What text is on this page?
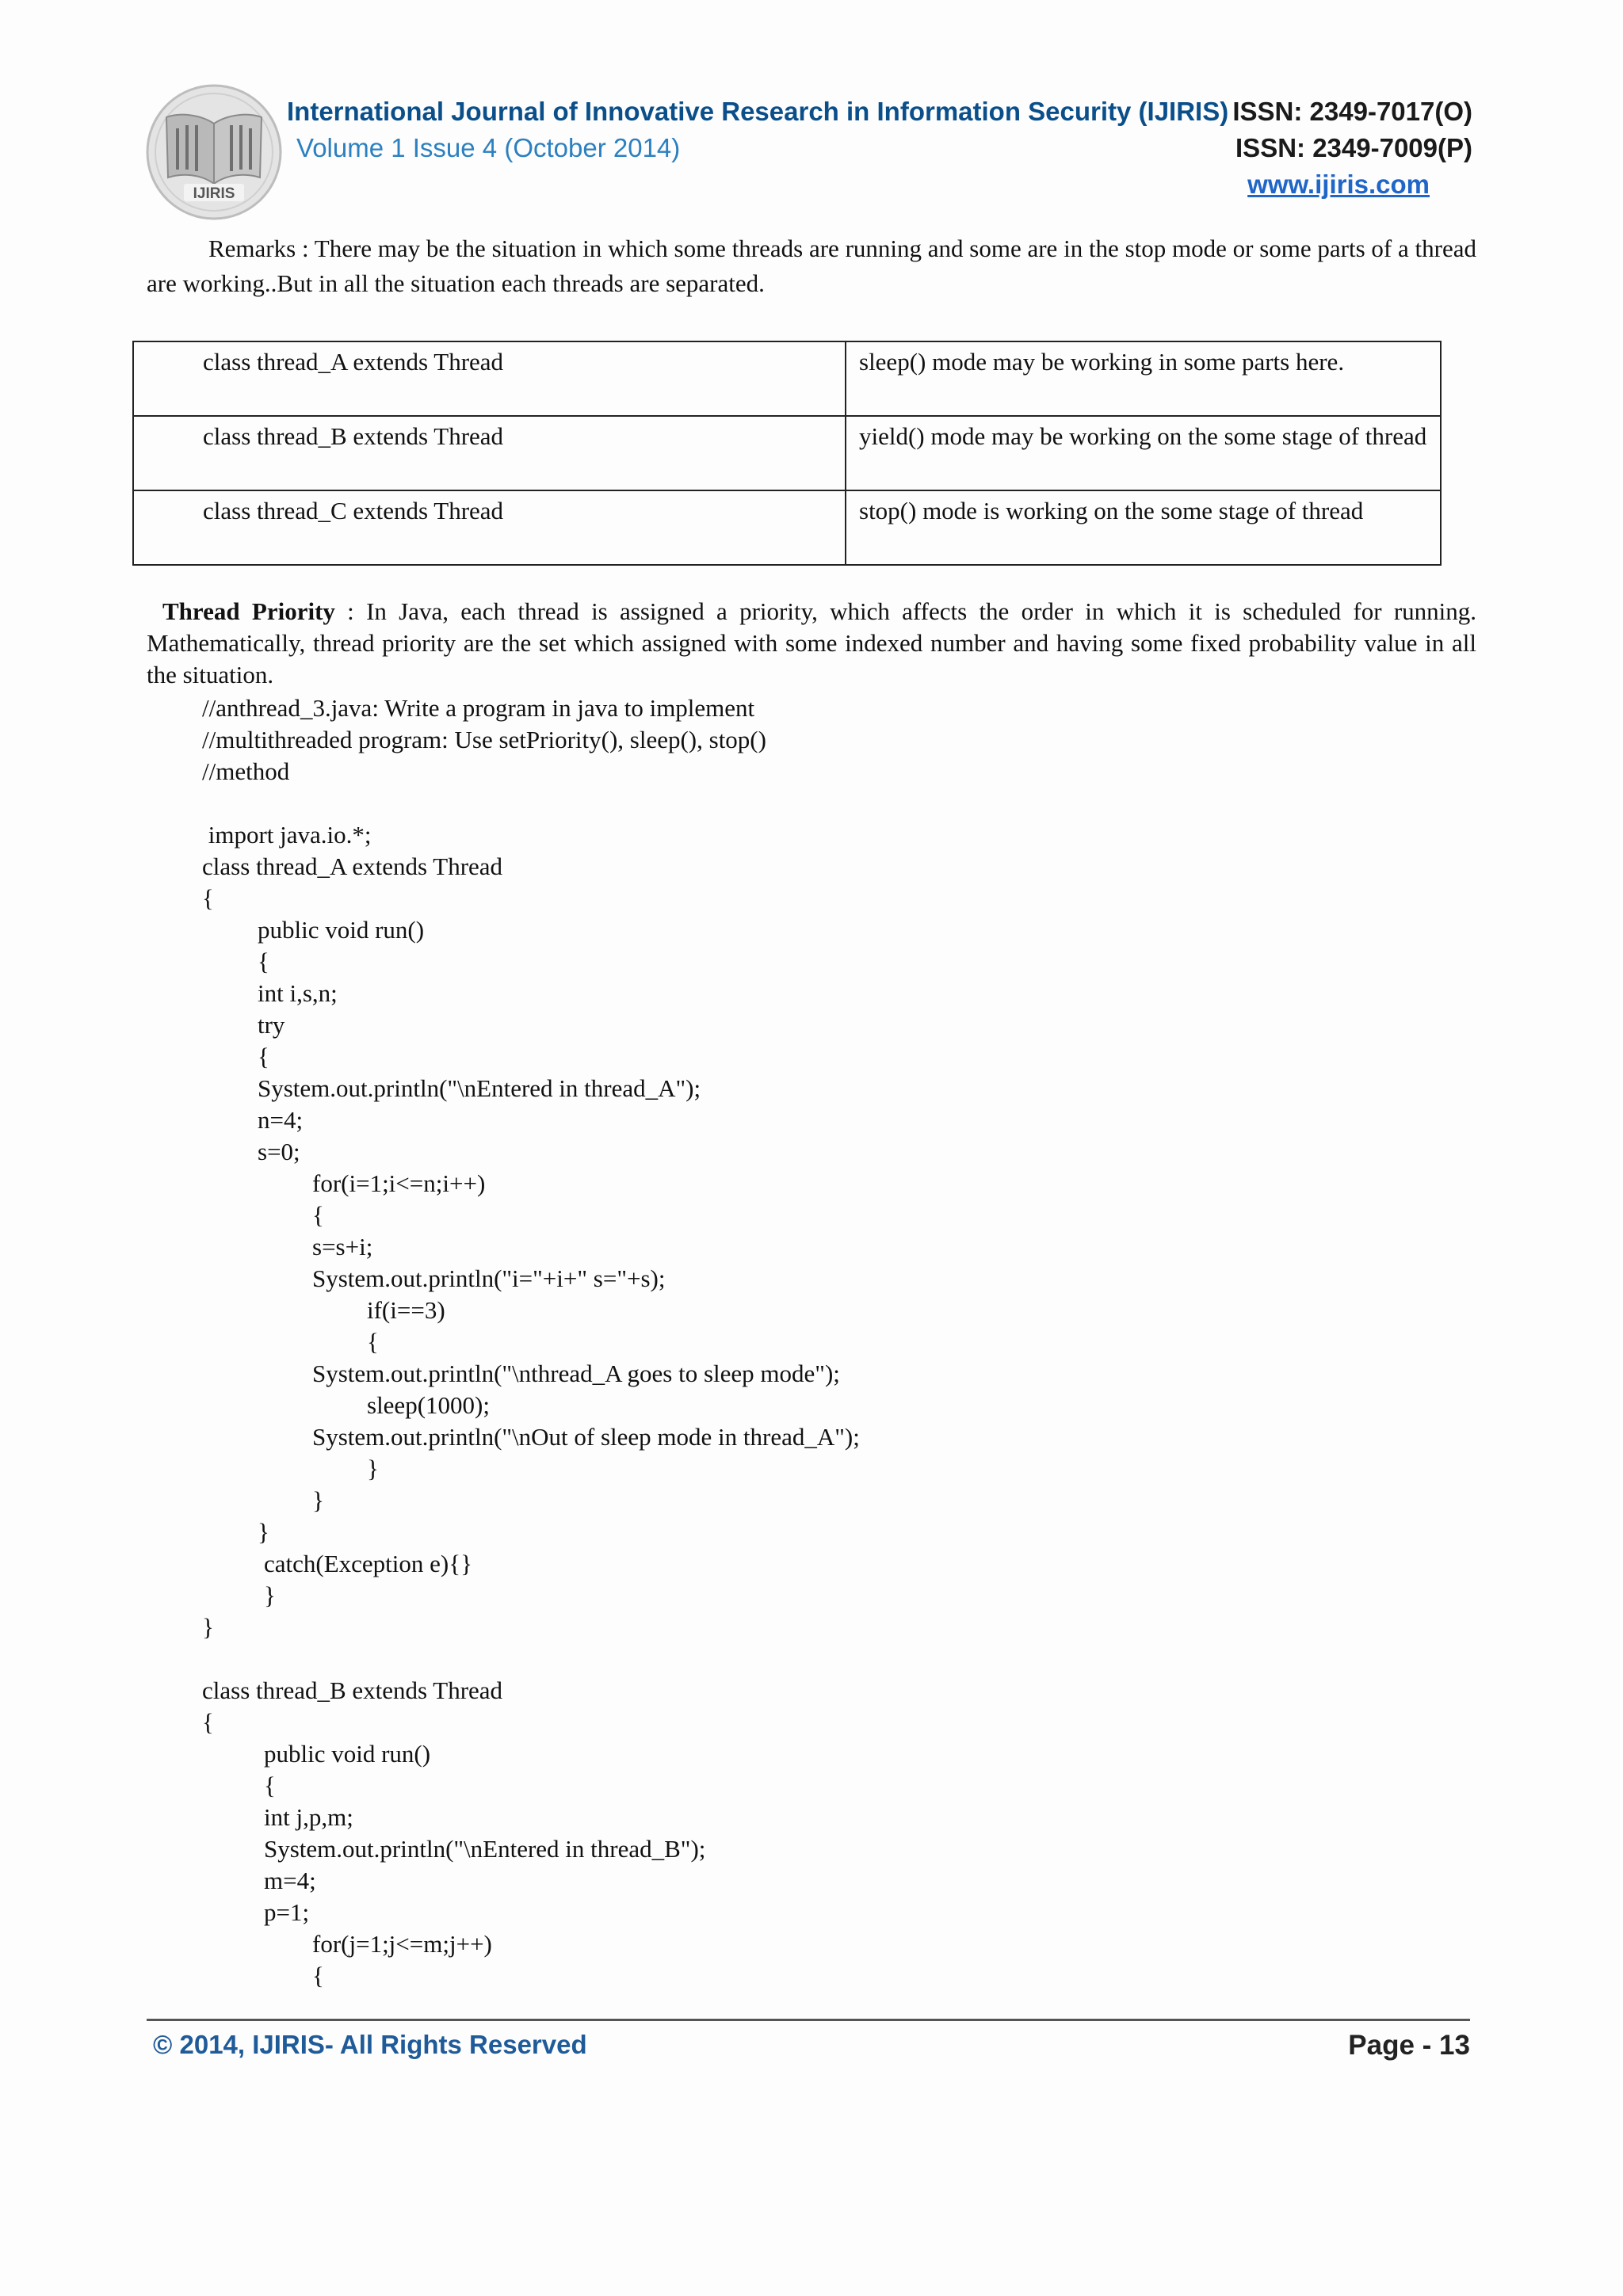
IJIRIS
International Journal of Innovative Research in Information Security (IJIRIS) ISSN: 2349-7017(O)
Volume 1 Issue 4 (October 2014)	ISSN: 2349-7009(P)
www.ijiris.com
Remarks : There may be the situation in which some threads are running and some are in the stop mode or some parts of a thread are working..But in all the situation each threads are separated.
class thread_A extends Thread	sleep() mode may be working in some parts here.
class thread_B extends Thread	yield() mode may be working on the some stage of thread
class thread_C extends Thread	stop() mode is working on the some stage of thread
Thread Priority : In Java, each thread is assigned a priority, which affects the order in which it is scheduled for running. Mathematically, thread priority are the set which assigned with some indexed number and having some fixed probability value in all the situation.
//anthread_3.java: Write a program in java to implement
//multithreaded program: Use setPriority(), sleep(), stop()
//method
import java.io.*;
class thread_A extends Thread
{
public void run()
{
int i,s,n;
try
{
System.out.println("\nEntered in thread_A");
n=4;
s=0;
for(i=1;i<=n;i++)
{
s=s+i;
System.out.println("i="+i+" s="+s);
if(i==3)
{
System.out.println("\nthread_A goes to sleep mode");
sleep(1000);
System.out.println("\nOut of sleep mode in thread_A");
}
}
}
catch(Exception e){}
}
}
class thread_B extends Thread
{
public void run()
{
int j,p,m;
System.out.println("\nEntered in thread_B");
m=4;
p=1;
for(j=1;j<=m;j++)
{
© 2014, IJIRIS- All Rights Reserved	Page - 13
